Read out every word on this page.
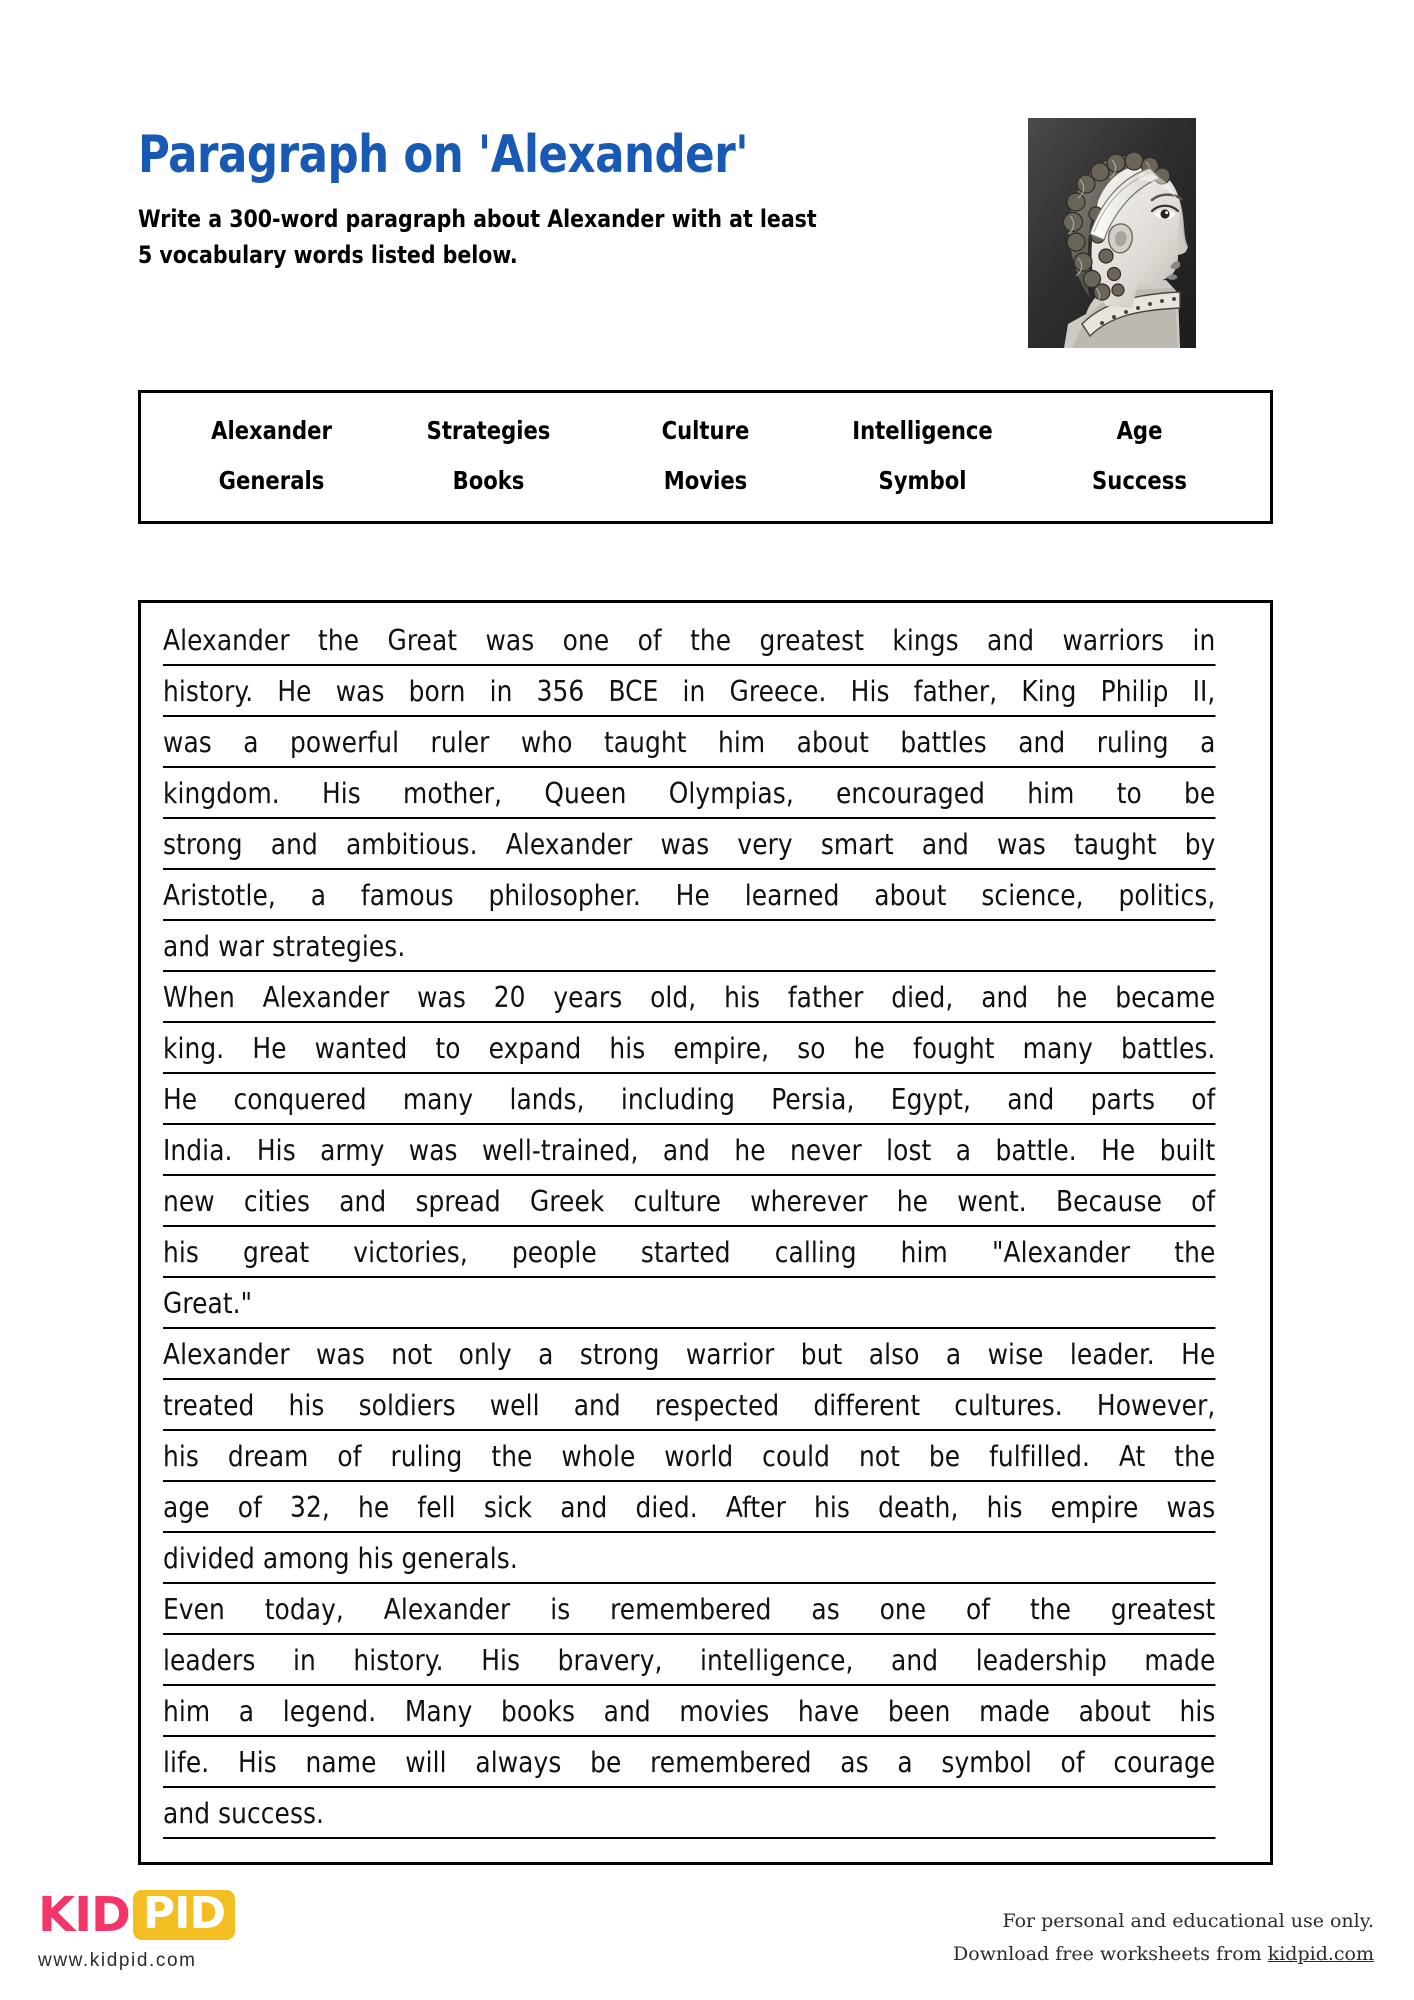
Paragraph on 'Alexander'
Write a 300-word paragraph about Alexander with at least
5 vocabulary words listed below.
Alexander	Strategies	Culture	Intelligence	Age
Generals	Books	Movies	Symbol	Success
Alexander the Great was one of the greatest kings and warriors in
history. He was born in 356 BCE in Greece. His father, King Philip II,
was a powerful ruler who taught him about battles and ruling a
kingdom. His mother, Queen Olympias, encouraged him to be
strong and ambitious. Alexander was very smart and was taught by
Aristotle, a famous philosopher. He learned about science, politics,
and war strategies.
When Alexander was 20 years old, his father died, and he became
king. He wanted to expand his empire, so he fought many battles.
He conquered many lands, including Persia, Egypt, and parts of
India. His army was well-trained, and he never lost a battle. He built
new cities and spread Greek culture wherever he went. Because of
his great victories, people started calling him "Alexander the
Great."
Alexander was not only a strong warrior but also a wise leader. He
treated his soldiers well and respected different cultures. However,
his dream of ruling the whole world could not be fulfilled. At the
age of 32, he fell sick and died. After his death, his empire was
divided among his generals.
Even today, Alexander is remembered as one of the greatest
leaders in history. His bravery, intelligence, and leadership made
him a legend. Many books and movies have been made about his
life. His name will always be remembered as a symbol of courage
and success.
KID PID
www.kidpid.com
For personal and educational use only.
Download free worksheets from kidpid.com
